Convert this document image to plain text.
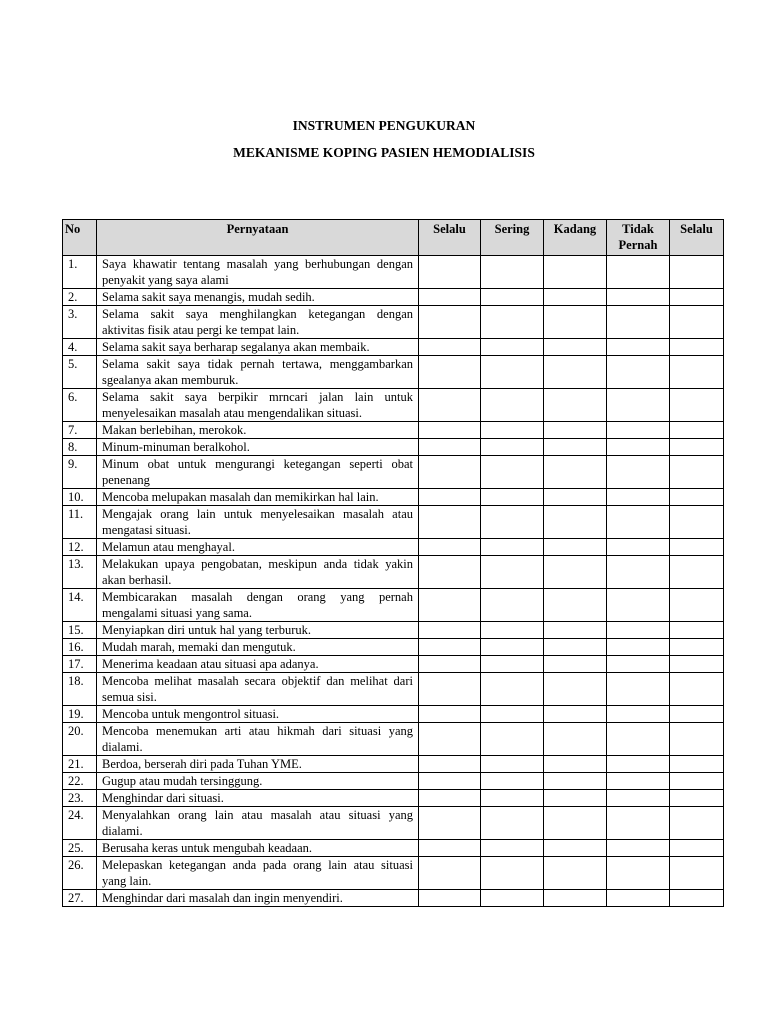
INSTRUMEN PENGUKURAN
MEKANISME KOPING PASIEN HEMODIALISIS
No	Pernyataan	Selalu	Sering	Kadang	Tidak Pernah	Selalu
1.	Saya khawatir tentang masalah yang berhubungan dengan penyakit yang saya alami					
2.	Selama sakit saya menangis, mudah sedih.					
3.	Selama sakit saya menghilangkan ketegangan dengan aktivitas fisik atau pergi ke tempat lain.					
4.	Selama sakit saya berharap segalanya akan membaik.					
5.	Selama sakit saya tidak pernah tertawa, menggambarkan sgealanya akan memburuk.					
6.	Selama sakit saya berpikir mrncari jalan lain untuk menyelesaikan masalah atau mengendalikan situasi.					
7.	Makan berlebihan, merokok.					
8.	Minum-minuman beralkohol.					
9.	Minum obat untuk mengurangi ketegangan seperti obat penenang					
10.	Mencoba melupakan masalah dan memikirkan hal lain.					
11.	Mengajak orang lain untuk menyelesaikan masalah atau mengatasi situasi.					
12.	Melamun atau menghayal.					
13.	Melakukan upaya pengobatan, meskipun anda tidak yakin akan berhasil.					
14.	Membicarakan masalah dengan orang yang pernah mengalami situasi yang sama.					
15.	Menyiapkan diri untuk hal yang terburuk.					
16.	Mudah marah, memaki dan mengutuk.					
17.	Menerima keadaan atau situasi apa adanya.					
18.	Mencoba melihat masalah secara objektif dan melihat dari semua sisi.					
19.	Mencoba untuk mengontrol situasi.					
20.	Mencoba menemukan arti atau hikmah dari situasi yang dialami.					
21.	Berdoa, berserah diri pada Tuhan YME.					
22.	Gugup atau mudah tersinggung.					
23.	Menghindar dari situasi.					
24.	Menyalahkan orang lain atau masalah atau situasi yang dialami.					
25.	Berusaha keras untuk mengubah keadaan.					
26.	Melepaskan ketegangan anda pada orang lain atau situasi yang lain.					
27.	Menghindar dari masalah dan ingin menyendiri.					
